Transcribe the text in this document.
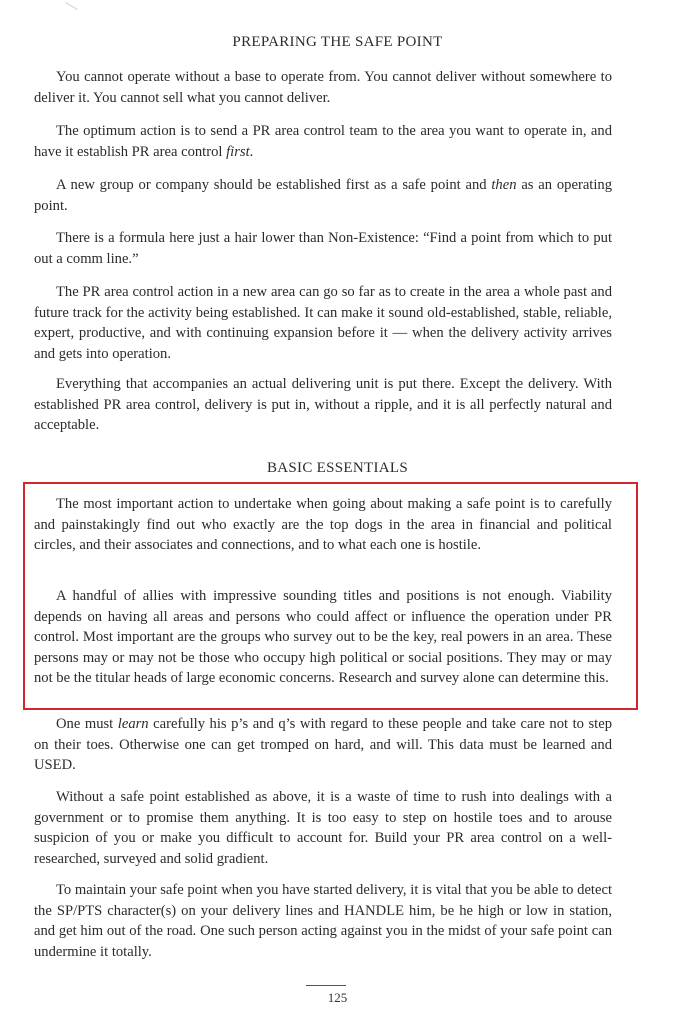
PREPARING THE SAFE POINT

You cannot operate without a base to operate from. You cannot deliver without somewhere to deliver it. You cannot sell what you cannot deliver.

The optimum action is to send a PR area control team to the area you want to operate in, and have it establish PR area control first.

A new group or company should be established first as a safe point and then as an operating point.

There is a formula here just a hair lower than Non-Existence: “Find a point from which to put out a comm line.”

The PR area control action in a new area can go so far as to create in the area a whole past and future track for the activity being established. It can make it sound old-established, stable, reliable, expert, productive, and with continuing expansion before it — when the delivery activity arrives and gets into operation.

Everything that accompanies an actual delivering unit is put there. Except the delivery. With established PR area control, delivery is put in, without a ripple, and it is all perfectly natural and acceptable.

BASIC ESSENTIALS

The most important action to undertake when going about making a safe point is to carefully and painstakingly find out who exactly are the top dogs in the area in financial and political circles, and their associates and connections, and to what each one is hostile.

A handful of allies with impressive sounding titles and positions is not enough. Viability depends on having all areas and persons who could affect or influence the operation under PR control. Most important are the groups who survey out to be the key, real powers in an area. These persons may or may not be those who occupy high political or social positions. They may or may not be the titular heads of large economic concerns. Research and survey alone can determine this.

One must learn carefully his p’s and q’s with regard to these people and take care not to step on their toes. Otherwise one can get tromped on hard, and will. This data must be learned and USED.

Without a safe point established as above, it is a waste of time to rush into dealings with a government or to promise them anything. It is too easy to step on hostile toes and to arouse suspicion of you or make you difficult to account for. Build your PR area control on a well-researched, surveyed and solid gradient.

To maintain your safe point when you have started delivery, it is vital that you be able to detect the SP/PTS character(s) on your delivery lines and HANDLE him, be he high or low in station, and get him out of the road. One such person acting against you in the midst of your safe point can undermine it totally.

125
